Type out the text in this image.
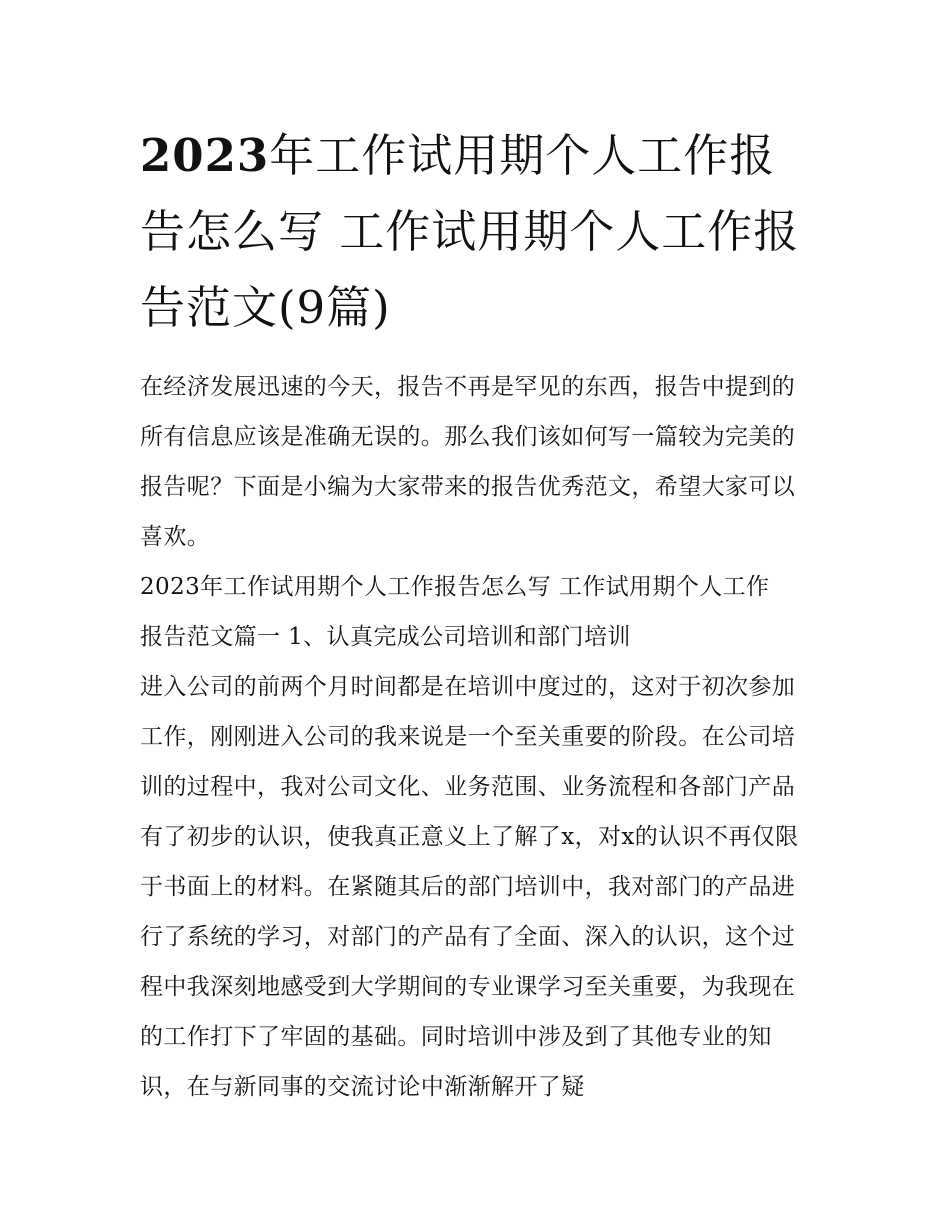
2023年工作试用期个人工作报告怎么写 工作试用期个人工作报告范文(9篇)

在经济发展迅速的今天，报告不再是罕见的东西，报告中提到的所有信息应该是准确无误的。那么我们该如何写一篇较为完美的报告呢？下面是小编为大家带来的报告优秀范文，希望大家可以喜欢。

2023年工作试用期个人工作报告怎么写 工作试用期个人工作
报告范文篇一 1、认真完成公司培训和部门培训

进入公司的前两个月时间都是在培训中度过的，这对于初次参加工作，刚刚进入公司的我来说是一个至关重要的阶段。在公司培训的过程中，我对公司文化、业务范围、业务流程和各部门产品有了初步的认识，使我真正意义上了解了x，对x的认识不再仅限于书面上的材料。在紧随其后的部门培训中，我对部门的产品进行了系统的学习，对部门的产品有了全面、深入的认识，这个过程中我深刻地感受到大学期间的专业课学习至关重要，为我现在的工作打下了牢固的基础。同时培训中涉及到了其他专业的知识，在与新同事的交流讨论中渐渐解开了疑
